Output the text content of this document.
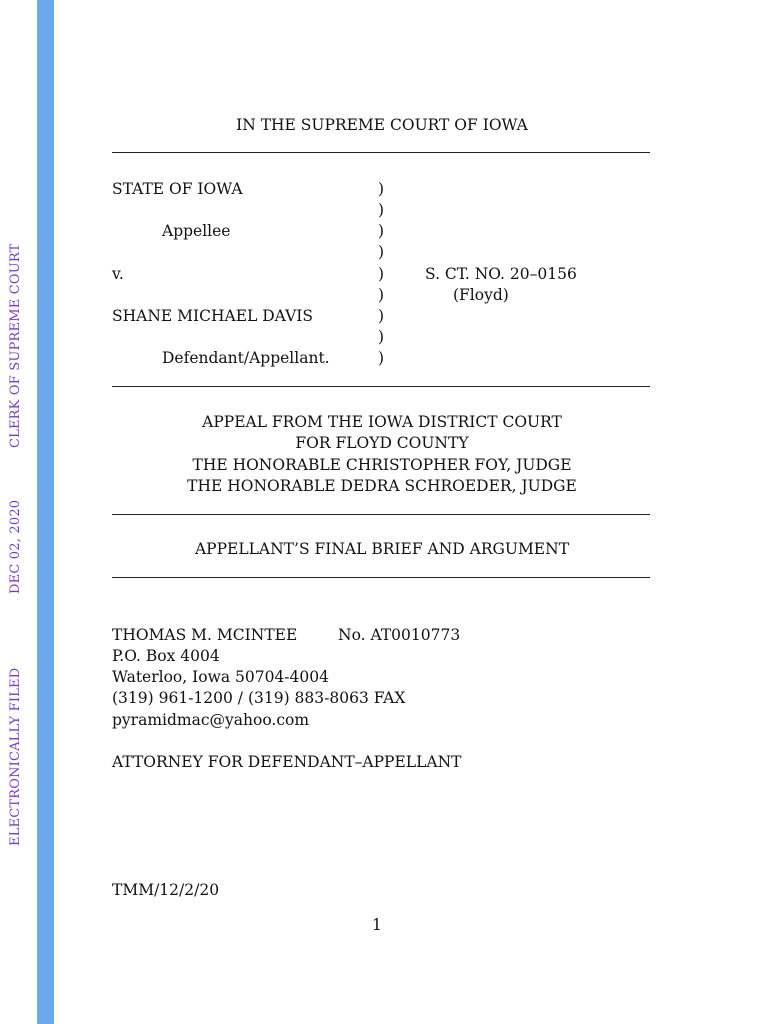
ELECTRONICALLY FILED
DEC 02, 2020
CLERK OF SUPREME COURT
IN THE SUPREME COURT OF IOWA
STATE OF IOWA
Appellee
v.
SHANE MICHAEL DAVIS
Defendant/Appellant.
)
)
)
)
)
)
)
)
)
S. CT. NO. 20–0156
(Floyd)
APPEAL FROM THE IOWA DISTRICT COURT
FOR FLOYD COUNTY
THE HONORABLE CHRISTOPHER FOY, JUDGE
THE HONORABLE DEDRA SCHROEDER, JUDGE
APPELLANT’S FINAL BRIEF AND ARGUMENT
THOMAS M. MCINTEE	No. AT0010773
P.O. Box 4004
Waterloo, Iowa 50704-4004
(319) 961-1200 / (319) 883-8063 FAX
pyramidmac@yahoo.com
ATTORNEY FOR DEFENDANT–APPELLANT
TMM/12/2/20
1
